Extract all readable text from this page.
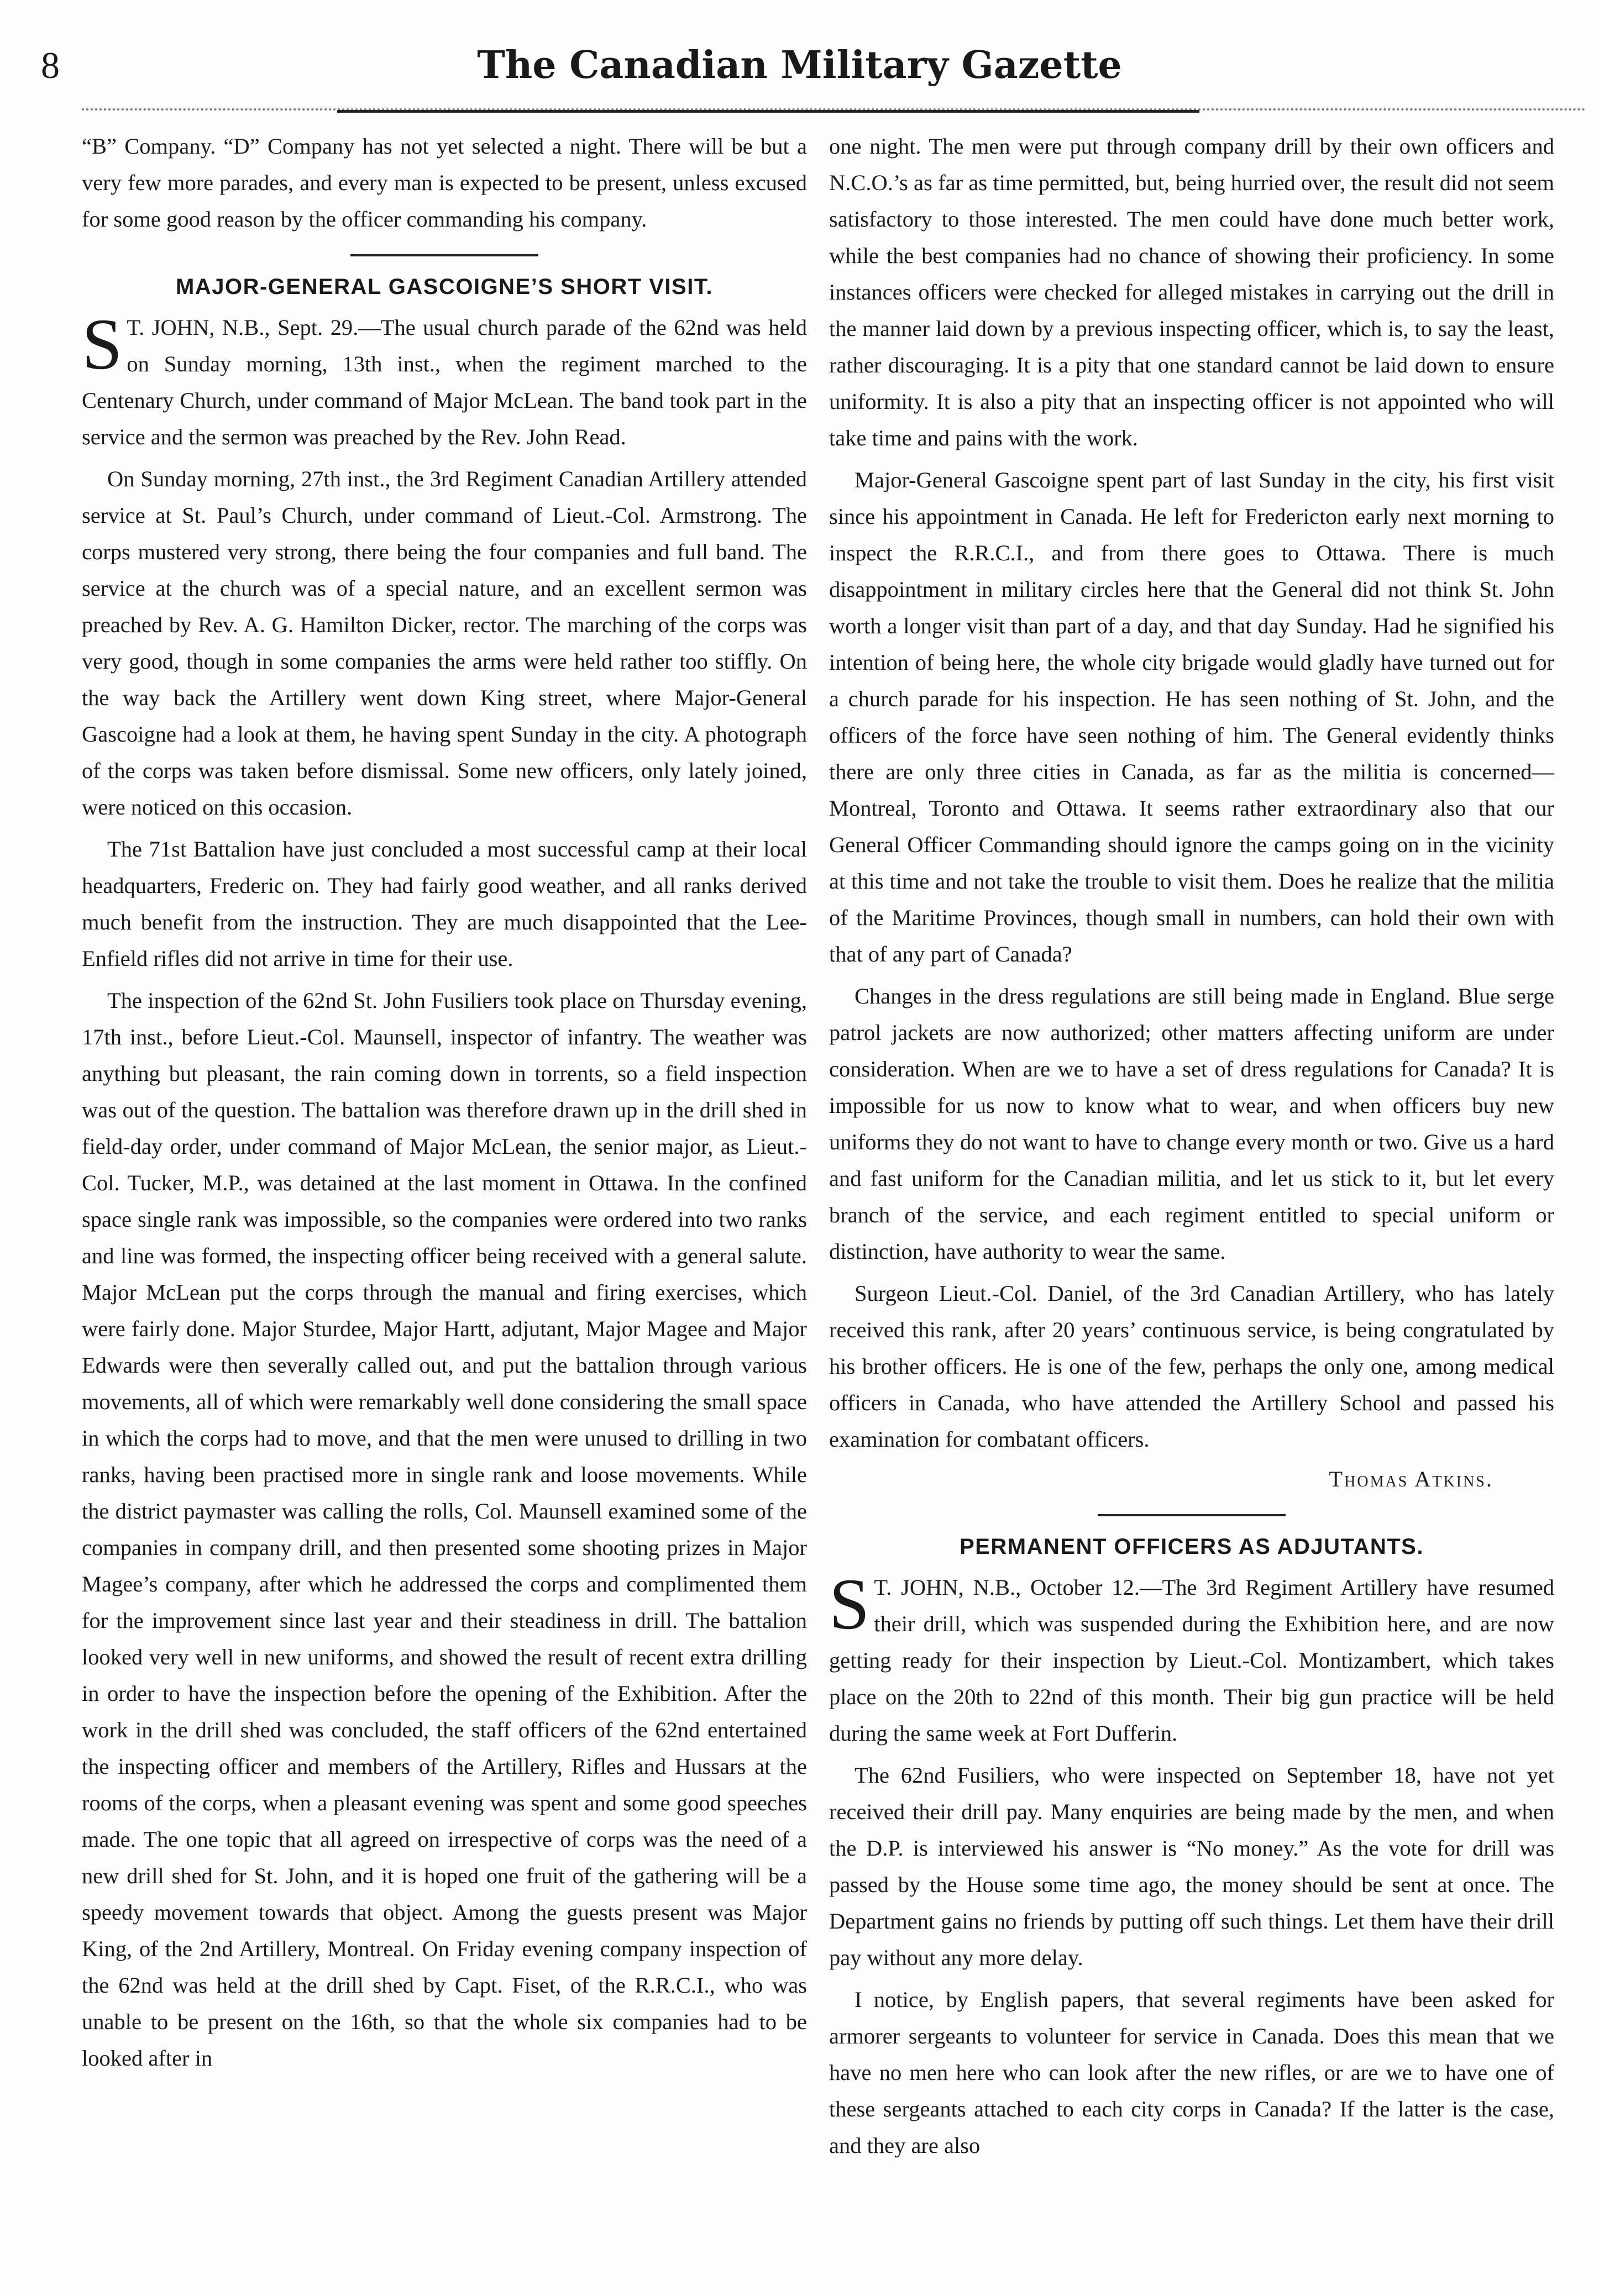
8	The Canadian Military Gazette

“B” Company. “D” Company has not yet selected a night. There will be but a very few more parades, and every man is expected to be present, unless excused for some good reason by the officer commanding his company.

MAJOR-GENERAL GASCOIGNE’S SHORT VISIT.

S T. JOHN, N.B., Sept. 29.—The usual church parade of the 62nd was held on Sunday morning, 13th inst., when the regiment marched to the Centenary Church, under command of Major McLean. The band took part in the service and the sermon was preached by the Rev. John Read.

On Sunday morning, 27th inst., the 3rd Regiment Canadian Artillery attended service at St. Paul’s Church, under command of Lieut.-Col. Armstrong. The corps mustered very strong, there being the four companies and full band. The service at the church was of a special nature, and an excellent sermon was preached by Rev. A. G. Hamilton Dicker, rector. The marching of the corps was very good, though in some companies the arms were held rather too stiffly. On the way back the Artillery went down King street, where Major-General Gascoigne had a look at them, he having spent Sunday in the city. A photograph of the corps was taken before dismissal. Some new officers, only lately joined, were noticed on this occasion.

The 71st Battalion have just concluded a most successful camp at their local headquarters, Frederic on. They had fairly good weather, and all ranks derived much benefit from the instruction. They are much disappointed that the Lee-Enfield rifles did not arrive in time for their use.

The inspection of the 62nd St. John Fusiliers took place on Thursday evening, 17th inst., before Lieut.-Col. Maunsell, inspector of infantry. The weather was anything but pleasant, the rain coming down in torrents, so a field inspection was out of the question. The battalion was therefore drawn up in the drill shed in field-day order, under command of Major McLean, the senior major, as Lieut.-Col. Tucker, M.P., was detained at the last moment in Ottawa. In the confined space single rank was impossible, so the companies were ordered into two ranks and line was formed, the inspecting officer being received with a general salute. Major McLean put the corps through the manual and firing exercises, which were fairly done. Major Sturdee, Major Hartt, adjutant, Major Magee and Major Edwards were then severally called out, and put the battalion through various movements, all of which were remarkably well done considering the small space in which the corps had to move, and that the men were unused to drilling in two ranks, having been practised more in single rank and loose movements. While the district paymaster was calling the rolls, Col. Maunsell examined some of the companies in company drill, and then presented some shooting prizes in Major Magee’s company, after which he addressed the corps and complimented them for the improvement since last year and their steadiness in drill. The battalion looked very well in new uniforms, and showed the result of recent extra drilling in order to have the inspection before the opening of the Exhibition. After the work in the drill shed was concluded, the staff officers of the 62nd entertained the inspecting officer and members of the Artillery, Rifles and Hussars at the rooms of the corps, when a pleasant evening was spent and some good speeches made. The one topic that all agreed on irrespective of corps was the need of a new drill shed for St. John, and it is hoped one fruit of the gathering will be a speedy movement towards that object. Among the guests present was Major King, of the 2nd Artillery, Montreal. On Friday evening company inspection of the 62nd was held at the drill shed by Capt. Fiset, of the R.R.C.I., who was unable to be present on the 16th, so that the whole six companies had to be looked after in

one night. The men were put through company drill by their own officers and N.C.O.’s as far as time permitted, but, being hurried over, the result did not seem satisfactory to those interested. The men could have done much better work, while the best companies had no chance of showing their proficiency. In some instances officers were checked for alleged mistakes in carrying out the drill in the manner laid down by a previous inspecting officer, which is, to say the least, rather discouraging. It is a pity that one standard cannot be laid down to ensure uniformity. It is also a pity that an inspecting officer is not appointed who will take time and pains with the work.

Major-General Gascoigne spent part of last Sunday in the city, his first visit since his appointment in Canada. He left for Fredericton early next morning to inspect the R.R.C.I., and from there goes to Ottawa. There is much disappointment in military circles here that the General did not think St. John worth a longer visit than part of a day, and that day Sunday. Had he signified his intention of being here, the whole city brigade would gladly have turned out for a church parade for his inspection. He has seen nothing of St. John, and the officers of the force have seen nothing of him. The General evidently thinks there are only three cities in Canada, as far as the militia is concerned—Montreal, Toronto and Ottawa. It seems rather extraordinary also that our General Officer Commanding should ignore the camps going on in the vicinity at this time and not take the trouble to visit them. Does he realize that the militia of the Maritime Provinces, though small in numbers, can hold their own with that of any part of Canada?

Changes in the dress regulations are still being made in England. Blue serge patrol jackets are now authorized; other matters affecting uniform are under consideration. When are we to have a set of dress regulations for Canada? It is impossible for us now to know what to wear, and when officers buy new uniforms they do not want to have to change every month or two. Give us a hard and fast uniform for the Canadian militia, and let us stick to it, but let every branch of the service, and each regiment entitled to special uniform or distinction, have authority to wear the same.

Surgeon Lieut.-Col. Daniel, of the 3rd Canadian Artillery, who has lately received this rank, after 20 years’ continuous service, is being congratulated by his brother officers. He is one of the few, perhaps the only one, among medical officers in Canada, who have attended the Artillery School and passed his examination for combatant officers.

Thomas Atkins.
PERMANENT OFFICERS AS ADJUTANTS.

S T. JOHN, N.B., October 12.—The 3rd Regiment Artillery have resumed their drill, which was suspended during the Exhibition here, and are now getting ready for their inspection by Lieut.-Col. Montizambert, which takes place on the 20th to 22nd of this month. Their big gun practice will be held during the same week at Fort Dufferin.

The 62nd Fusiliers, who were inspected on September 18, have not yet received their drill pay. Many enquiries are being made by the men, and when the D.P. is interviewed his answer is “No money.” As the vote for drill was passed by the House some time ago, the money should be sent at once. The Department gains no friends by putting off such things. Let them have their drill pay without any more delay.

I notice, by English papers, that several regiments have been asked for armorer sergeants to volunteer for service in Canada. Does this mean that we have no men here who can look after the new rifles, or are we to have one of these sergeants attached to each city corps in Canada? If the latter is the case, and they are also
